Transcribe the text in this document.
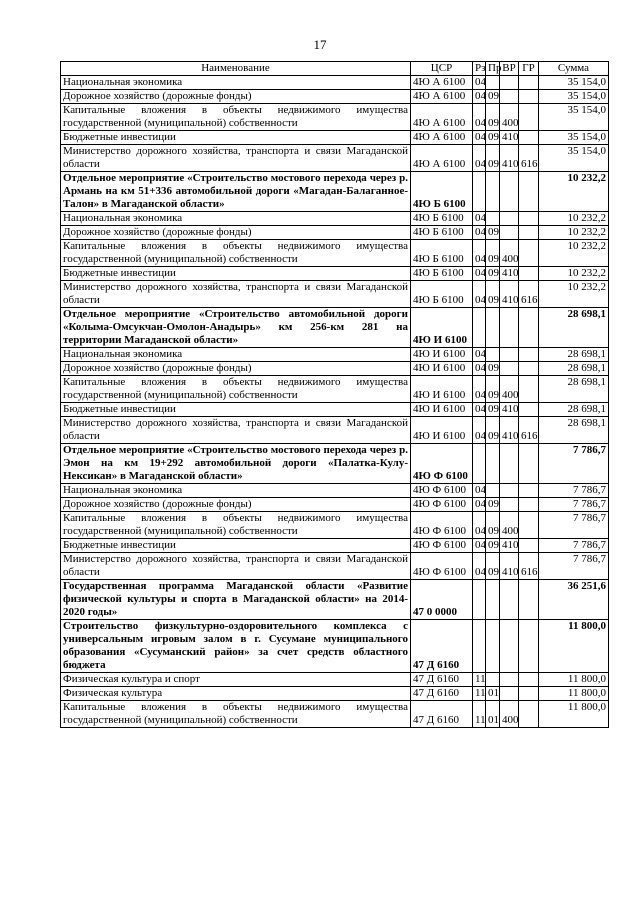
17
Наименование	ЦСР	Рз	Пр	ВР	ГР	Сумма
Национальная экономика	4Ю А 6100	04				35 154,0
Дорожное хозяйство (дорожные фонды)	4Ю А 6100	04	09			35 154,0
Капитальные вложения в объекты недвижимого имущества государственной (муниципальной) собственности	4Ю А 6100	04	09	400		35 154,0
Бюджетные инвестиции	4Ю А 6100	04	09	410		35 154,0
Министерство дорожного хозяйства, транспорта и связи Магаданской области	4Ю А 6100	04	09	410	616	35 154,0
Отдельное мероприятие «Строительство мостового перехода через р. Армань на км 51+336 автомобильной дороги «Магадан-Балаганное-Талон» в Магаданской области»	4Ю Б 6100					10 232,2
Национальная экономика	4Ю Б 6100	04				10 232,2
Дорожное хозяйство (дорожные фонды)	4Ю Б 6100	04	09			10 232,2
Капитальные вложения в объекты недвижимого имущества государственной (муниципальной) собственности	4Ю Б 6100	04	09	400		10 232,2
Бюджетные инвестиции	4Ю Б 6100	04	09	410		10 232,2
Министерство дорожного хозяйства, транспорта и связи Магаданской области	4Ю Б 6100	04	09	410	616	10 232,2
Отдельное мероприятие «Строительство автомобильной дороги «Колыма-Омсукчан-Омолон-Анадырь» км 256-км 281 на территории Магаданской области»	4Ю И 6100					28 698,1
Национальная экономика	4Ю И 6100	04				28 698,1
Дорожное хозяйство (дорожные фонды)	4Ю И 6100	04	09			28 698,1
Капитальные вложения в объекты недвижимого имущества государственной (муниципальной) собственности	4Ю И 6100	04	09	400		28 698,1
Бюджетные инвестиции	4Ю И 6100	04	09	410		28 698,1
Министерство дорожного хозяйства, транспорта и связи Магаданской области	4Ю И 6100	04	09	410	616	28 698,1
Отдельное мероприятие «Строительство мостового перехода через р. Эмон на км 19+292 автомобильной дороги «Палатка-Кулу-Нексикан» в Магаданской области»	4Ю Ф 6100					7 786,7
Национальная экономика	4Ю Ф 6100	04				7 786,7
Дорожное хозяйство (дорожные фонды)	4Ю Ф 6100	04	09			7 786,7
Капитальные вложения в объекты недвижимого имущества государственной (муниципальной) собственности	4Ю Ф 6100	04	09	400		7 786,7
Бюджетные инвестиции	4Ю Ф 6100	04	09	410		7 786,7
Министерство дорожного хозяйства, транспорта и связи Магаданской области	4Ю Ф 6100	04	09	410	616	7 786,7
Государственная программа Магаданской области «Развитие физической культуры и спорта в Магаданской области» на 2014-2020 годы»	47 0 0000					36 251,6
Строительство физкультурно-оздоровительного комплекса с универсальным игровым залом в г. Сусумане муниципального образования «Сусуманский район» за счет средств областного бюджета	47 Д 6160					11 800,0
Физическая культура и спорт	47 Д 6160	11				11 800,0
Физическая культура	47 Д 6160	11	01			11 800,0
Капитальные вложения в объекты недвижимого имущества государственной (муниципальной) собственности	47 Д 6160	11	01	400		11 800,0
